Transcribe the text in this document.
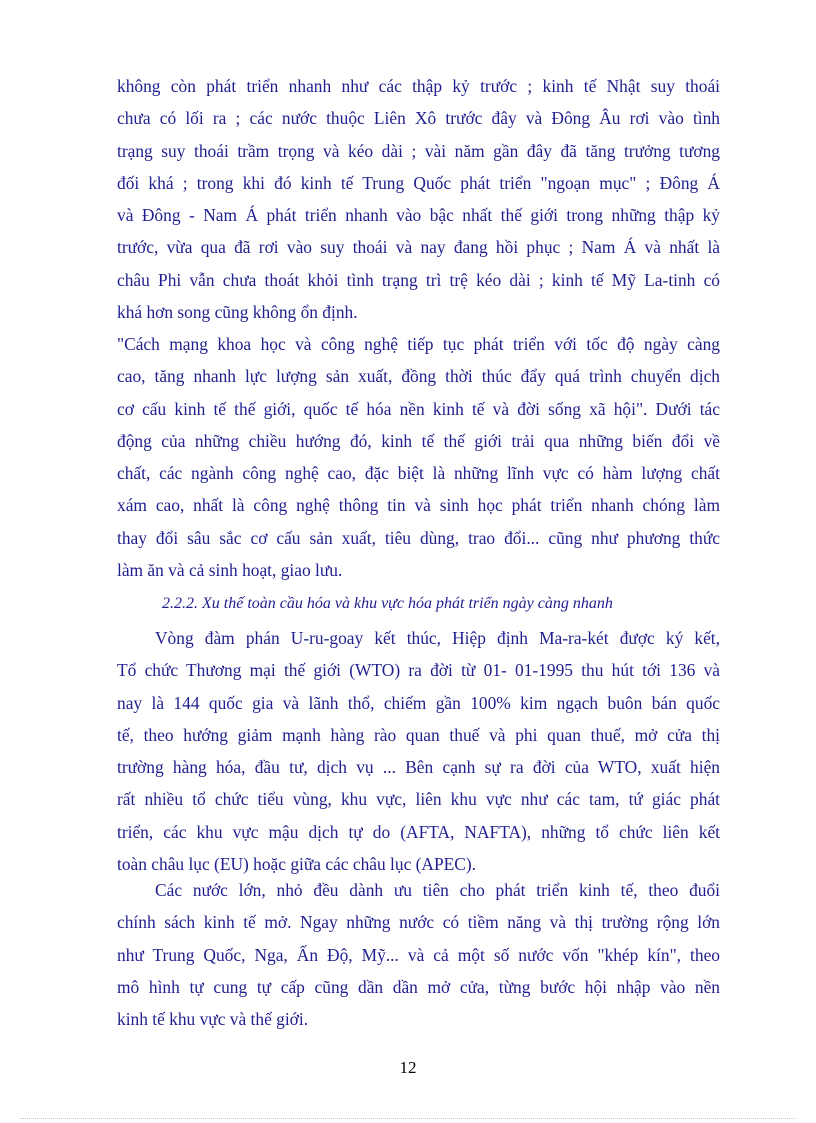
không còn phát triển nhanh như các thập kỷ trước ; kinh tế Nhật suy thoái
chưa có lối ra ; các nước thuộc Liên Xô trước đây và Đông Âu rơi vào tình
trạng suy thoái trầm trọng và kéo dài ; vài năm gần đây đã tăng trưởng tương
đối khá ; trong khi đó kinh tế Trung Quốc phát triển "ngoạn mục" ; Đông Á
và Đông - Nam Á phát triển nhanh vào bậc nhất thế giới trong những thập kỷ
trước, vừa qua đã rơi vào suy thoái và nay đang hồi phục ; Nam Á và nhất là
châu Phi vẫn chưa thoát khỏi tình trạng trì trệ kéo dài ; kinh tế Mỹ La-tinh có
khá hơn song cũng không ổn định.
"Cách mạng khoa học và công nghệ tiếp tục phát triển với tốc độ ngày càng
cao, tăng nhanh lực lượng sản xuất, đồng thời thúc đẩy quá trình chuyển dịch
cơ cấu kinh tế thế giới, quốc tế hóa nền kinh tế và đời sống xã hội". Dưới tác
động của những chiều hướng đó, kinh tế thế giới trải qua những biến đổi về
chất, các ngành công nghệ cao, đặc biệt là những lĩnh vực có hàm lượng chất
xám cao, nhất là công nghệ thông tin và sinh học phát triển nhanh chóng làm
thay đổi sâu sắc cơ cấu sản xuất, tiêu dùng, trao đổi... cũng như phương thức
làm ăn và cả sinh hoạt, giao lưu.
2.2.2. Xu thế toàn cầu hóa và khu vực hóa phát triển ngày càng nhanh
Vòng đàm phán U-ru-goay kết thúc, Hiệp định Ma-ra-két được ký kết,
Tổ chức Thương mại thế giới (WTO) ra đời từ 01- 01-1995 thu hút tới 136 và
nay là 144 quốc gia và lãnh thổ, chiếm gần 100% kim ngạch buôn bán quốc
tế, theo hướng giảm mạnh hàng rào quan thuế và phi quan thuế, mở cửa thị
trường hàng hóa, đầu tư, dịch vụ ... Bên cạnh sự ra đời của WTO, xuất hiện
rất nhiều tổ chức tiểu vùng, khu vực, liên khu vực như các tam, tứ giác phát
triển, các khu vực mậu dịch tự do (AFTA, NAFTA), những tổ chức liên kết
toàn châu lục (EU) hoặc giữa các châu lục (APEC).
Các nước lớn, nhỏ đều dành ưu tiên cho phát triển kinh tế, theo đuổi
chính sách kinh tế mở. Ngay những nước có tiềm năng và thị trường rộng lớn
như Trung Quốc, Nga, Ấn Độ, Mỹ... và cả một số nước vốn "khép kín", theo
mô hình tự cung tự cấp cũng dần dần mở cửa, từng bước hội nhập vào nền
kinh tế khu vực và thế giới.
12
